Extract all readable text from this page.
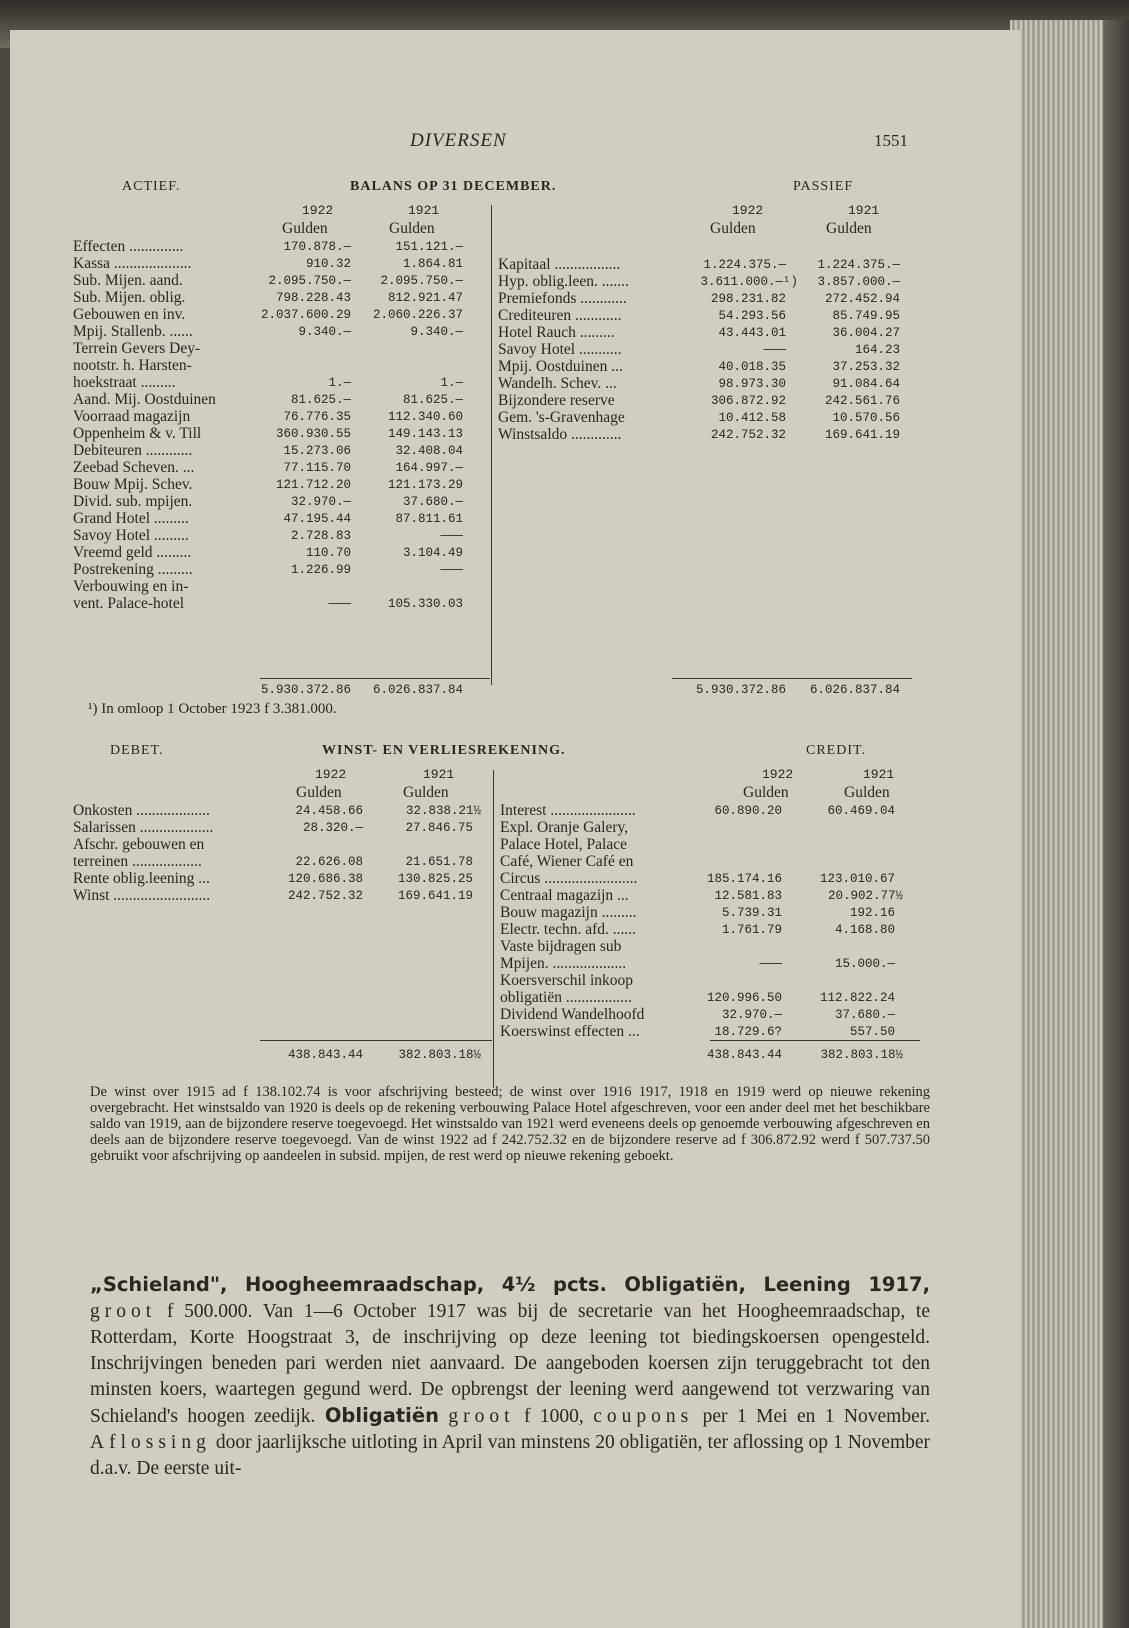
DIVERSEN	1551
ACTIEF.	BALANS OP 31 DECEMBER.	PASSIEF
1922	1921
Gulden	Gulden
1922	1921
Gulden	Gulden
Effecten ..............	170.878.—	151.121.—
Kassa ....................	910.32	1.864.81
Sub. Mijen. aand.	2.095.750.—	2.095.750.—
Sub. Mijen. oblig.	798.228.43	812.921.47
Gebouwen en inv.	2.037.600.29	2.060.226.37
Mpij. Stallenb. ......	9.340.—	9.340.—
Terrein Gevers Dey-
nootstr. h. Harsten-
hoekstraat .........	1.—	1.—
Aand. Mij. Oostduinen	81.625.—	81.625.—
Voorraad magazijn	76.776.35	112.340.60
Oppenheim & v. Till	360.930.55	149.143.13
Debiteuren ............	15.273.06	32.408.04
Zeebad Scheven. ...	77.115.70	164.997.—
Bouw Mpij. Schev.	121.712.20	121.173.29
Divid. sub. mpijen.	32.970.—	37.680.—
Grand Hotel .........	47.195.44	87.811.61
Savoy Hotel .........	2.728.83	———
Vreemd geld .........	110.70	3.104.49
Postrekening .........	1.226.99	———
Verbouwing en in-
vent. Palace-hotel	———	105.330.03
Kapitaal .................	1.224.375.—	1.224.375.—
Hyp. oblig.leen. .......	3.611.000.—¹)	3.857.000.—
Premiefonds ............	298.231.82	272.452.94
Crediteuren ............	54.293.56	85.749.95
Hotel Rauch .........	43.443.01	36.004.27
Savoy Hotel ...........	———	164.23
Mpij. Oostduinen ...	40.018.35	37.253.32
Wandelh. Schev. ...	98.973.30	91.084.64
Bijzondere reserve	306.872.92	242.561.76
Gem. 's-Gravenhage	10.412.58	10.570.56
Winstsaldo .............	242.752.32	169.641.19
5.930.372.86	6.026.837.84	5.930.372.86	6.026.837.84
¹) In omloop 1 October 1923 f 3.381.000.
DEBET.	WINST- EN VERLIESREKENING.	CREDIT.
1922	1921
Gulden	Gulden
1922	1921
Gulden	Gulden
Onkosten ...................	24.458.66	32.838.21½
Salarissen ...................	28.320.—	27.846.75
Afschr. gebouwen en
terreinen ..................	22.626.08	21.651.78
Rente oblig.leening ...	120.686.38	130.825.25
Winst .........................	242.752.32	169.641.19
Interest ......................	60.890.20	60.469.04
Expl. Oranje Galery,
Palace Hotel, Palace
Café, Wiener Café en
Circus ........................	185.174.16	123.010.67
Centraal magazijn ...	12.581.83	20.902.77½
Bouw magazijn .........	5.739.31	192.16
Electr. techn. afd. ......	1.761.79	4.168.80
Vaste bijdragen sub
Mpijen. ...................	———	15.000.—
Koersverschil inkoop
obligatiën .................	120.996.50	112.822.24
Dividend Wandelhoofd	32.970.—	37.680.—
Koerswinst effecten ...	18.729.6?	557.50
438.843.44	382.803.18½	438.843.44	382.803.18½
De winst over 1915 ad f 138.102.74 is voor afschrijving besteed; de winst over 1916 1917, 1918 en 1919 werd op nieuwe rekening overgebracht. Het winstsaldo van 1920 is deels op de rekening verbouwing Palace Hotel afgeschreven, voor een ander deel met het beschikbare saldo van 1919, aan de bijzondere reserve toegevoegd. Het winstsaldo van 1921 werd eveneens deels op genoemde verbouwing afgeschreven en deels aan de bijzondere reserve toegevoegd. Van de winst 1922 ad f 242.752.32 en de bijzondere reserve ad f 306.872.92 werd f 507.737.50 gebruikt voor afschrijving op aandeelen in subsid. mpijen, de rest werd op nieuwe rekening geboekt.
„Schieland", Hoogheemraadschap, 4½ pcts. Obligatiën, Leening 1917, groot f 500.000. Van 1—6 October 1917 was bij de secretarie van het Hoogheemraadschap, te Rotterdam, Korte Hoogstraat 3, de inschrijving op deze leening tot biedingskoersen opengesteld. Inschrijvingen beneden pari werden niet aanvaard. De aangeboden koersen zijn teruggebracht tot den minsten koers, waartegen gegund werd. De opbrengst der leening werd aangewend tot verzwaring van Schieland's hoogen zeedijk. Obligatiën groot f 1000, coupons per 1 Mei en 1 November. Aflossing door jaarlijksche uitloting in April van minstens 20 obligatiën, ter aflossing op 1 November d.a.v. De eerste uit-
